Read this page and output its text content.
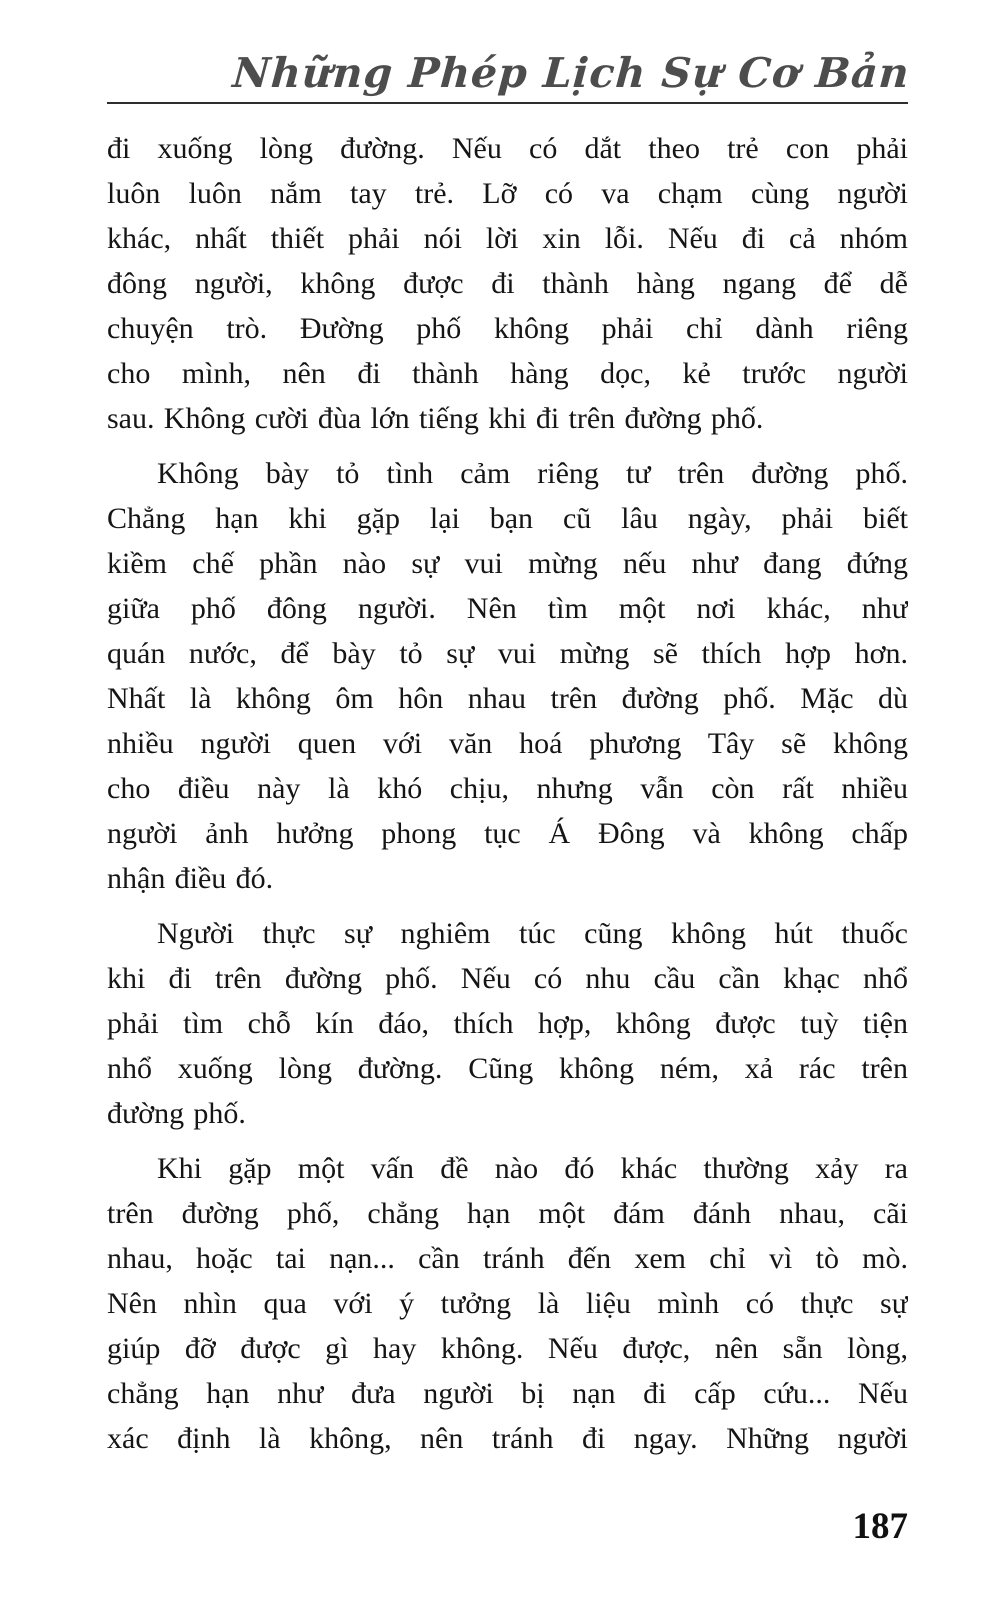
Những Phép Lịch Sự Cơ Bản

đi xuống lòng đường. Nếu có dắt theo trẻ con phải
luôn luôn nắm tay trẻ. Lỡ có va chạm cùng người
khác, nhất thiết phải nói lời xin lỗi. Nếu đi cả nhóm
đông người, không được đi thành hàng ngang để dễ
chuyện trò. Đường phố không phải chỉ dành riêng
cho mình, nên đi thành hàng dọc, kẻ trước người
sau. Không cười đùa lớn tiếng khi đi trên đường phố.

Không bày tỏ tình cảm riêng tư trên đường phố.
Chẳng hạn khi gặp lại bạn cũ lâu ngày, phải biết
kiềm chế phần nào sự vui mừng nếu như đang đứng
giữa phố đông người. Nên tìm một nơi khác, như
quán nước, để bày tỏ sự vui mừng sẽ thích hợp hơn.
Nhất là không ôm hôn nhau trên đường phố. Mặc dù
nhiều người quen với văn hoá phương Tây sẽ không
cho điều này là khó chịu, nhưng vẫn còn rất nhiều
người ảnh hưởng phong tục Á Đông và không chấp
nhận điều đó.

Người thực sự nghiêm túc cũng không hút thuốc
khi đi trên đường phố. Nếu có nhu cầu cần khạc nhổ
phải tìm chỗ kín đáo, thích hợp, không được tuỳ tiện
nhổ xuống lòng đường. Cũng không ném, xả rác trên
đường phố.

Khi gặp một vấn đề nào đó khác thường xảy ra
trên đường phố, chẳng hạn một đám đánh nhau, cãi
nhau, hoặc tai nạn... cần tránh đến xem chỉ vì tò mò.
Nên nhìn qua với ý tưởng là liệu mình có thực sự
giúp đỡ được gì hay không. Nếu được, nên sẵn lòng,
chẳng hạn như đưa người bị nạn đi cấp cứu... Nếu
xác định là không, nên tránh đi ngay. Những người

187
